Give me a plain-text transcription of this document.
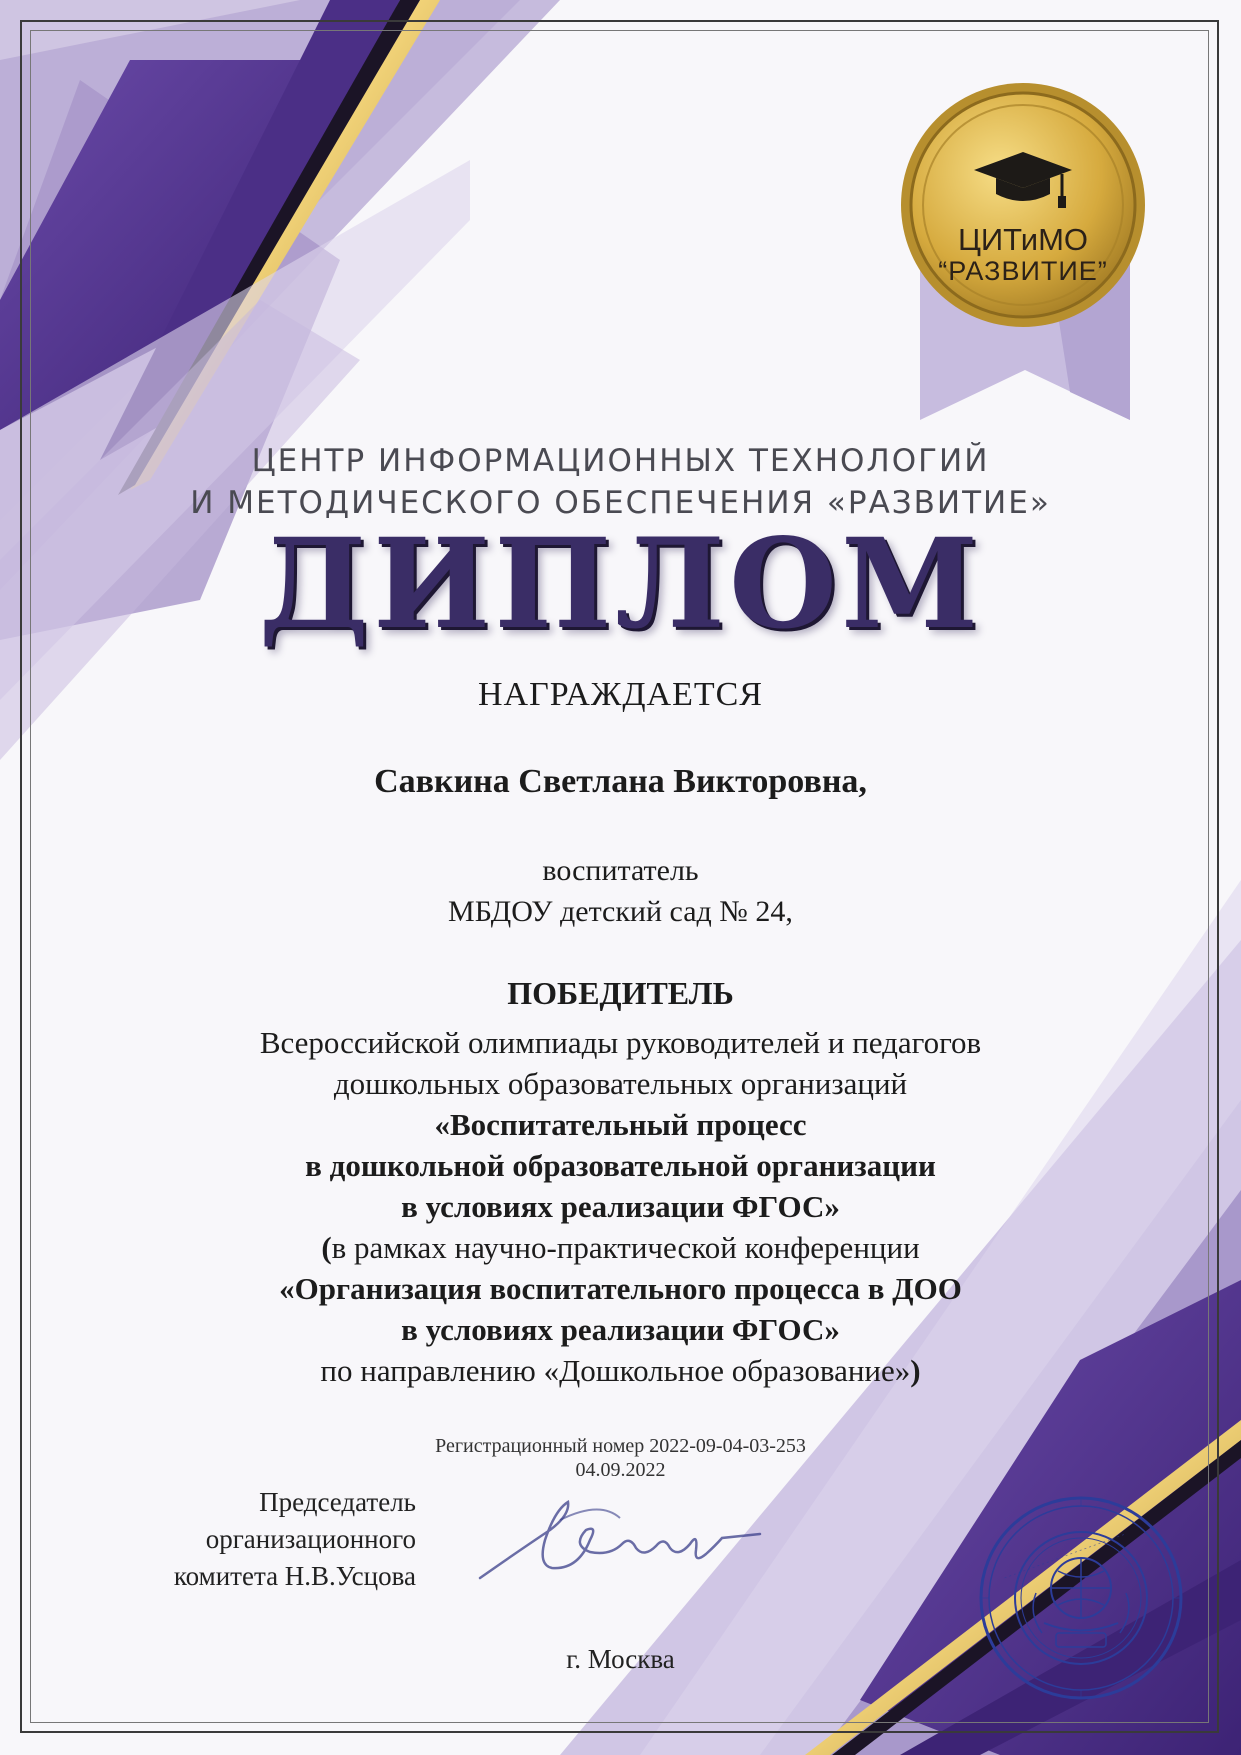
ЦИТиМО
“РАЗВИТИЕ”
ЦЕНТР ИНФОРМАЦИОННЫХ ТЕХНОЛОГИЙ
И МЕТОДИЧЕСКОГО ОБЕСПЕЧЕНИЯ «РАЗВИТИЕ»
ДИПЛОМ
НАГРАЖДАЕТСЯ
Савкина Светлана Викторовна,
воспитатель
МБДОУ детский сад № 24,
ПОБЕДИТЕЛЬ
Всероссийской олимпиады руководителей и педагогов
дошкольных образовательных организаций
«Воспитательный процесс
в дошкольной образовательной организации
в условиях реализации ФГОС»
(в рамках научно-практической конференции
«Организация воспитательного процесса в ДОО
в условиях реализации ФГОС»
по направлению «Дошкольное образование»)
Регистрационный номер 2022-09-04-03-253
04.09.2022
Председатель
организационного
комитета Н.В.Усцова
г. Москва
